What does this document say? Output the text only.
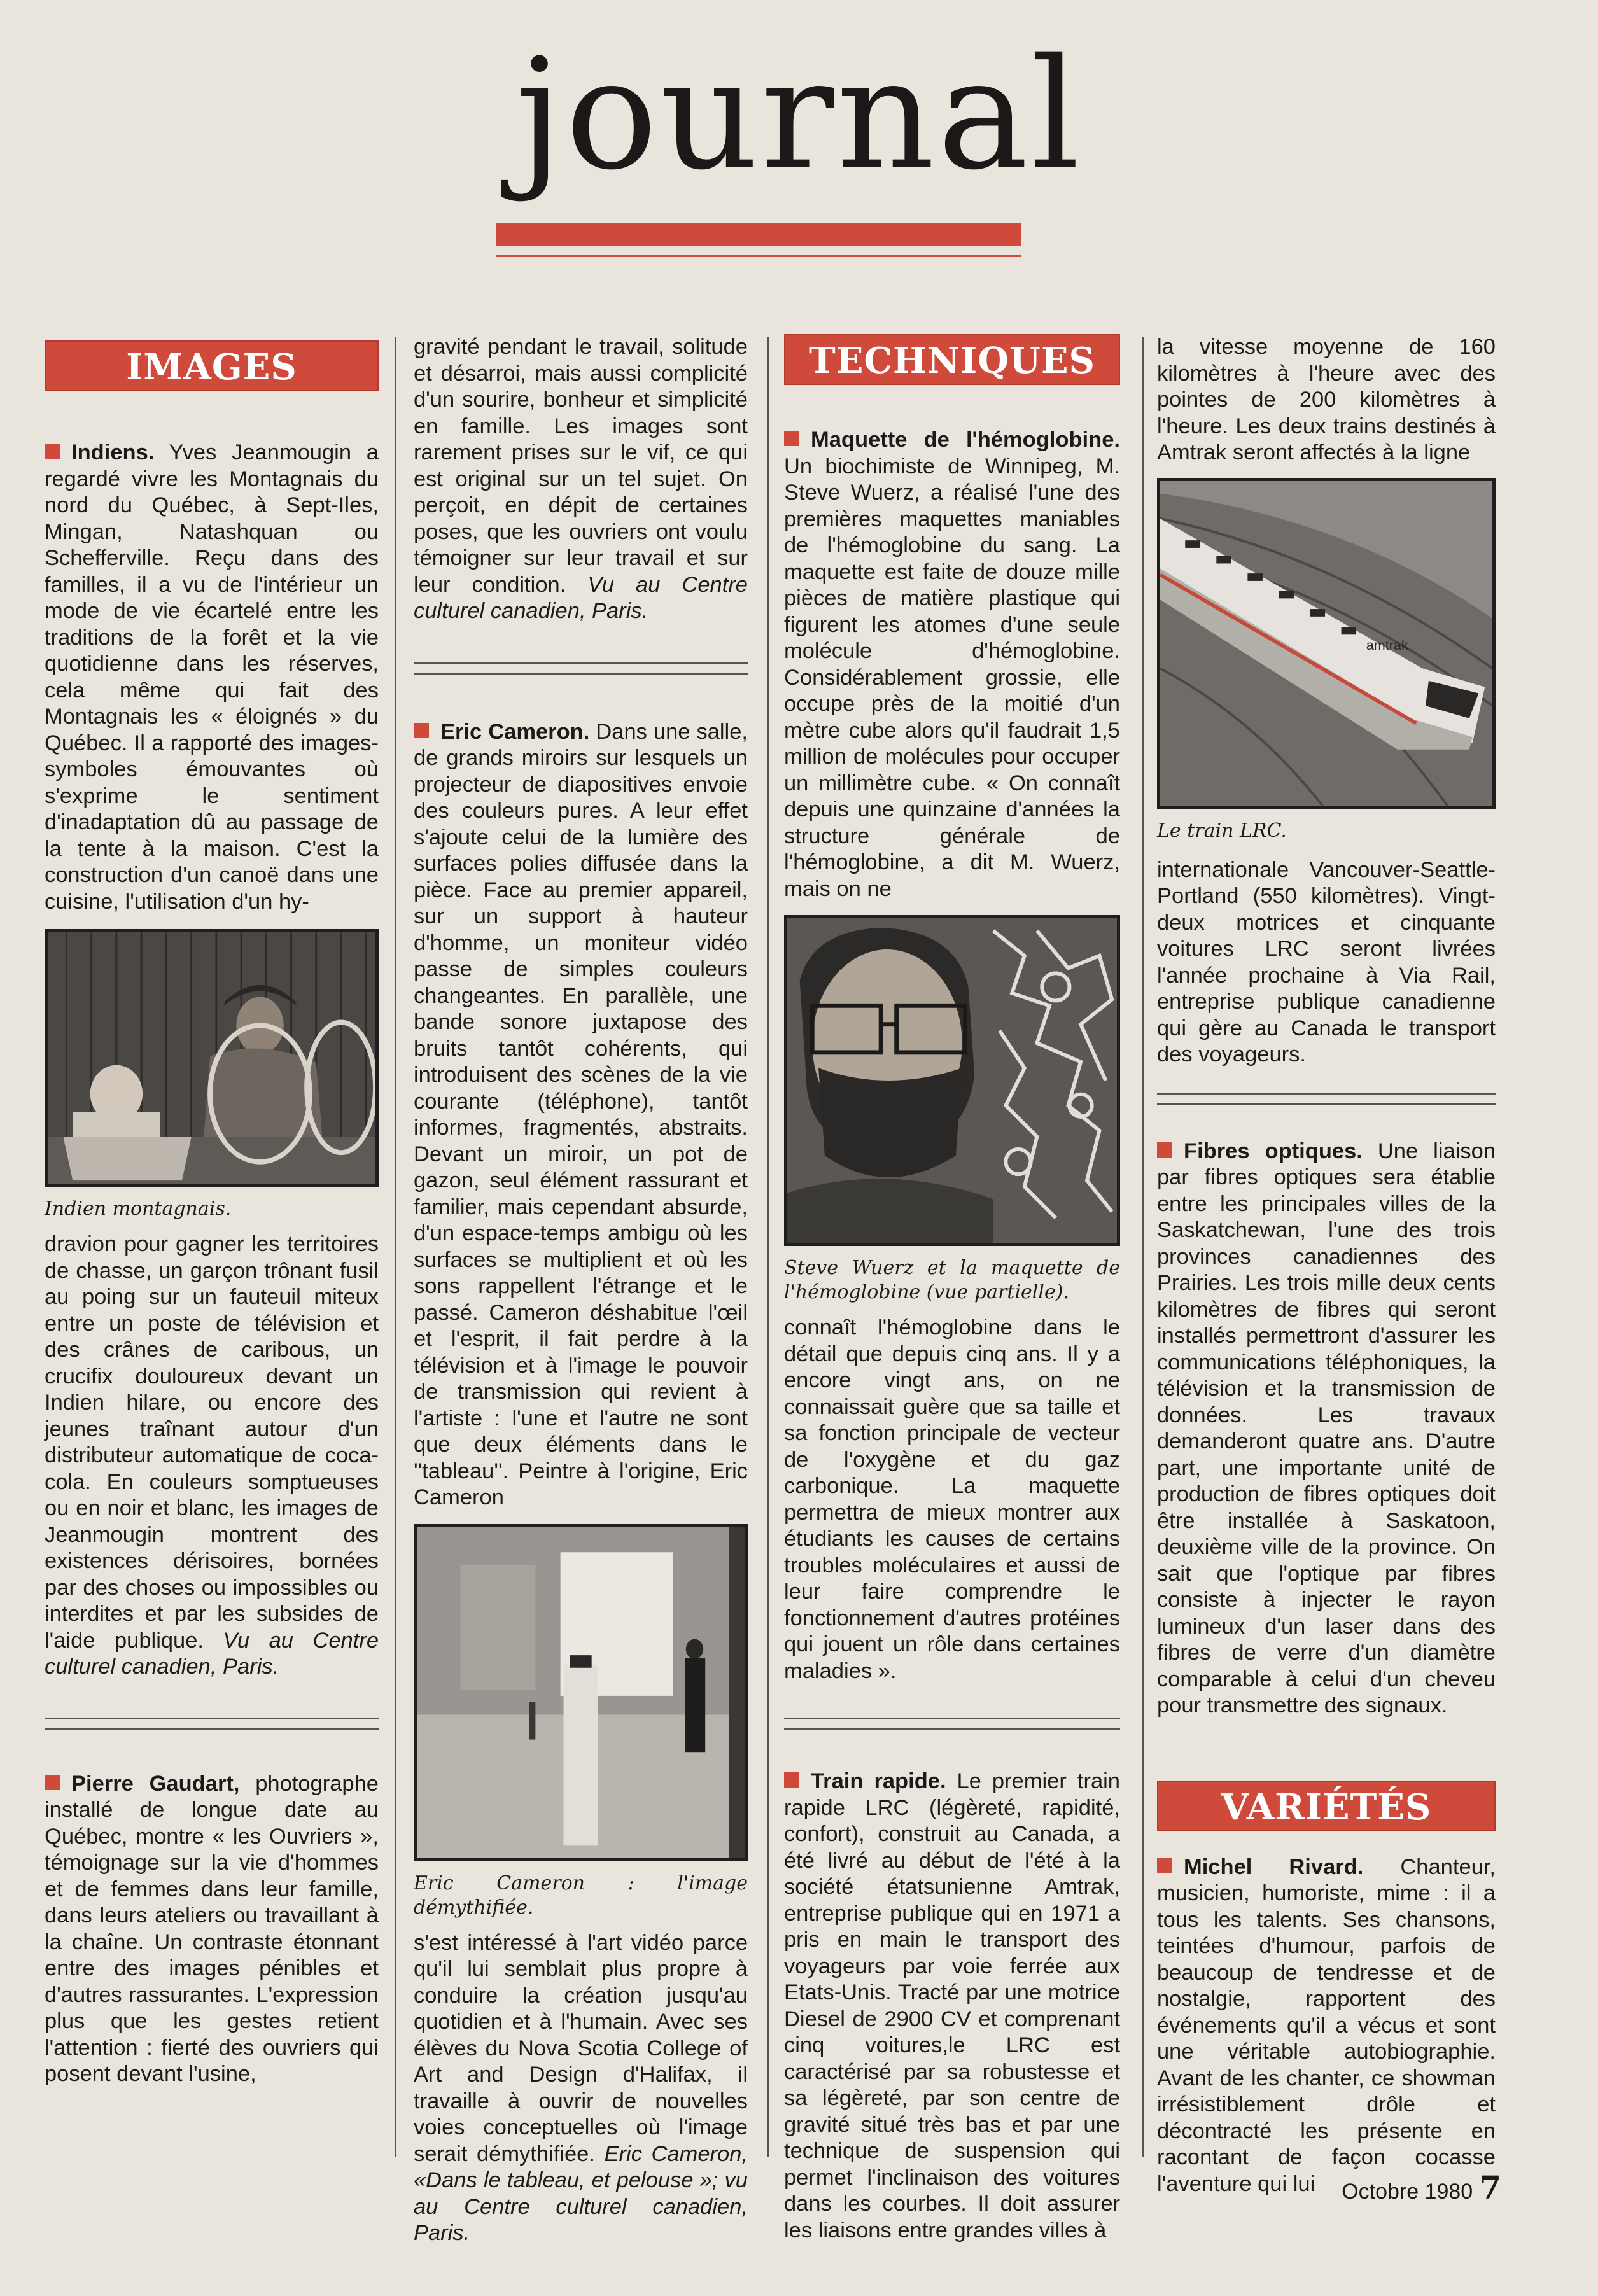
journal
IMAGES

Indiens. Yves Jeanmougin a regardé vivre les Montagnais du nord du Québec, à Sept-Iles, Mingan, Natashquan ou Schefferville. Reçu dans des familles, il a vu de l'intérieur un mode de vie écartelé entre les traditions de la forêt et la vie quotidienne dans les réserves, cela même qui fait des Montagnais les « éloignés » du Québec. Il a rapporté des images-symboles émouvantes où s'exprime le sentiment d'inadaptation dû au passage de la tente à la maison. C'est la construction d'un canoë dans une cuisine, l'utilisation d'un hy-

Indien montagnais.

dravion pour gagner les territoires de chasse, un garçon trônant fusil au poing sur un fauteuil miteux entre un poste de télévision et des crânes de caribous, un crucifix douloureux devant un Indien hilare, ou encore des jeunes traînant autour d'un distributeur automatique de coca-cola. En couleurs somptueuses ou en noir et blanc, les images de Jeanmougin montrent des existences dérisoires, bornées par des choses ou impossibles ou interdites et par les subsides de l'aide publique. Vu au Centre culturel canadien, Paris.

Pierre Gaudart, photographe installé de longue date au Québec, montre « les Ouvriers », témoignage sur la vie d'hommes et de femmes dans leur famille, dans leurs ateliers ou travaillant à la chaîne. Un contraste étonnant entre des images pénibles et d'autres rassurantes. L'expression plus que les gestes retient l'attention : fierté des ouvriers qui posent devant l'usine,

gravité pendant le travail, solitude et désarroi, mais aussi complicité d'un sourire, bonheur et simplicité en famille. Les images sont rarement prises sur le vif, ce qui est original sur un tel sujet. On perçoit, en dépit de certaines poses, que les ouvriers ont voulu témoigner sur leur travail et sur leur condition. Vu au Centre culturel canadien, Paris.

Eric Cameron. Dans une salle, de grands miroirs sur lesquels un projecteur de diapositives envoie des couleurs pures. A leur effet s'ajoute celui de la lumière des surfaces polies diffusée dans la pièce. Face au premier appareil, sur un support à hauteur d'homme, un moniteur vidéo passe de simples couleurs changeantes. En parallèle, une bande sonore juxtapose des bruits tantôt cohérents, qui introduisent des scènes de la vie courante (téléphone), tantôt informes, fragmentés, abstraits. Devant un miroir, un pot de gazon, seul élément rassurant et familier, mais cependant absurde, d'un espace-temps ambigu où les surfaces se multiplient et où les sons rappellent l'étrange et le passé. Cameron déshabitue l'œil et l'esprit, il fait perdre à la télévision et à l'image le pouvoir de transmission qui revient à l'artiste : l'une et l'autre ne sont que deux éléments dans le ''tableau''. Peintre à l'origine, Eric Cameron

Eric Cameron : l'image démythifiée.

s'est intéressé à l'art vidéo parce qu'il lui semblait plus propre à conduire la création jusqu'au quotidien et à l'humain. Avec ses élèves du Nova Scotia College of Art and Design d'Halifax, il travaille à ouvrir de nouvelles voies conceptuelles où l'image serait démythifiée. Eric Cameron, «Dans le tableau, et pelouse »; vu au Centre culturel canadien, Paris.

TECHNIQUES

Maquette de l'hémoglobine. Un biochimiste de Winnipeg, M. Steve Wuerz, a réalisé l'une des premières maquettes maniables de l'hémoglobine du sang. La maquette est faite de douze mille pièces de matière plastique qui figurent les atomes d'une seule molécule d'hémoglobine. Considérablement grossie, elle occupe près de la moitié d'un mètre cube alors qu'il faudrait 1,5 million de molécules pour occuper un millimètre cube. « On connaît depuis une quinzaine d'années la structure générale de l'hémoglobine, a dit M. Wuerz, mais on ne

Steve Wuerz et la maquette de l'hémoglobine (vue partielle).

connaît l'hémoglobine dans le détail que depuis cinq ans. Il y a encore vingt ans, on ne connaissait guère que sa taille et sa fonction principale de vecteur de l'oxygène et du gaz carbonique. La maquette permettra de mieux montrer aux étudiants les causes de certains troubles moléculaires et aussi de leur faire comprendre le fonctionnement d'autres protéines qui jouent un rôle dans certaines maladies ».

Train rapide. Le premier train rapide LRC (légèreté, rapidité, confort), construit au Canada, a été livré au début de l'été à la société étatsunienne Amtrak, entreprise publique qui en 1971 a pris en main le transport des voyageurs par voie ferrée aux Etats-Unis. Tracté par une motrice Diesel de 2900 CV et comprenant cinq voitures,le LRC est caractérisé par sa robustesse et sa légèreté, par son centre de gravité situé très bas et par une technique de suspension qui permet l'inclinaison des voitures dans les courbes. Il doit assurer les liaisons entre grandes villes à

la vitesse moyenne de 160 kilomètres à l'heure avec des pointes de 200 kilomètres à l'heure. Les deux trains destinés à Amtrak seront affectés à la ligne

amtrak

Le train LRC.

internationale Vancouver-Seattle-Portland (550 kilomètres). Vingt-deux motrices et cinquante voitures LRC seront livrées l'année prochaine à Via Rail, entreprise publique canadienne qui gère au Canada le transport des voyageurs.

Fibres optiques. Une liaison par fibres optiques sera établie entre les principales villes de la Saskatchewan, l'une des trois provinces canadiennes des Prairies. Les trois mille deux cents kilomètres de fibres qui seront installés permettront d'assurer les communications téléphoniques, la télévision et la transmission de données. Les travaux demanderont quatre ans. D'autre part, une importante unité de production de fibres optiques doit être installée à Saskatoon, deuxième ville de la province. On sait que l'optique par fibres consiste à injecter le rayon lumineux d'un laser dans des fibres de verre d'un diamètre comparable à celui d'un cheveu pour transmettre des signaux.

VARIÉTÉS

Michel Rivard. Chanteur, musicien, humoriste, mime : il a tous les talents. Ses chansons, teintées d'humour, parfois de beaucoup de tendresse et de nostalgie, rapportent des événements qu'il a vécus et sont une véritable autobiographie. Avant de les chanter, ce showman irrésistiblement drôle et décontracté les présente en racontant de façon cocasse l'aventure qui lui	Octobre 1980 7
